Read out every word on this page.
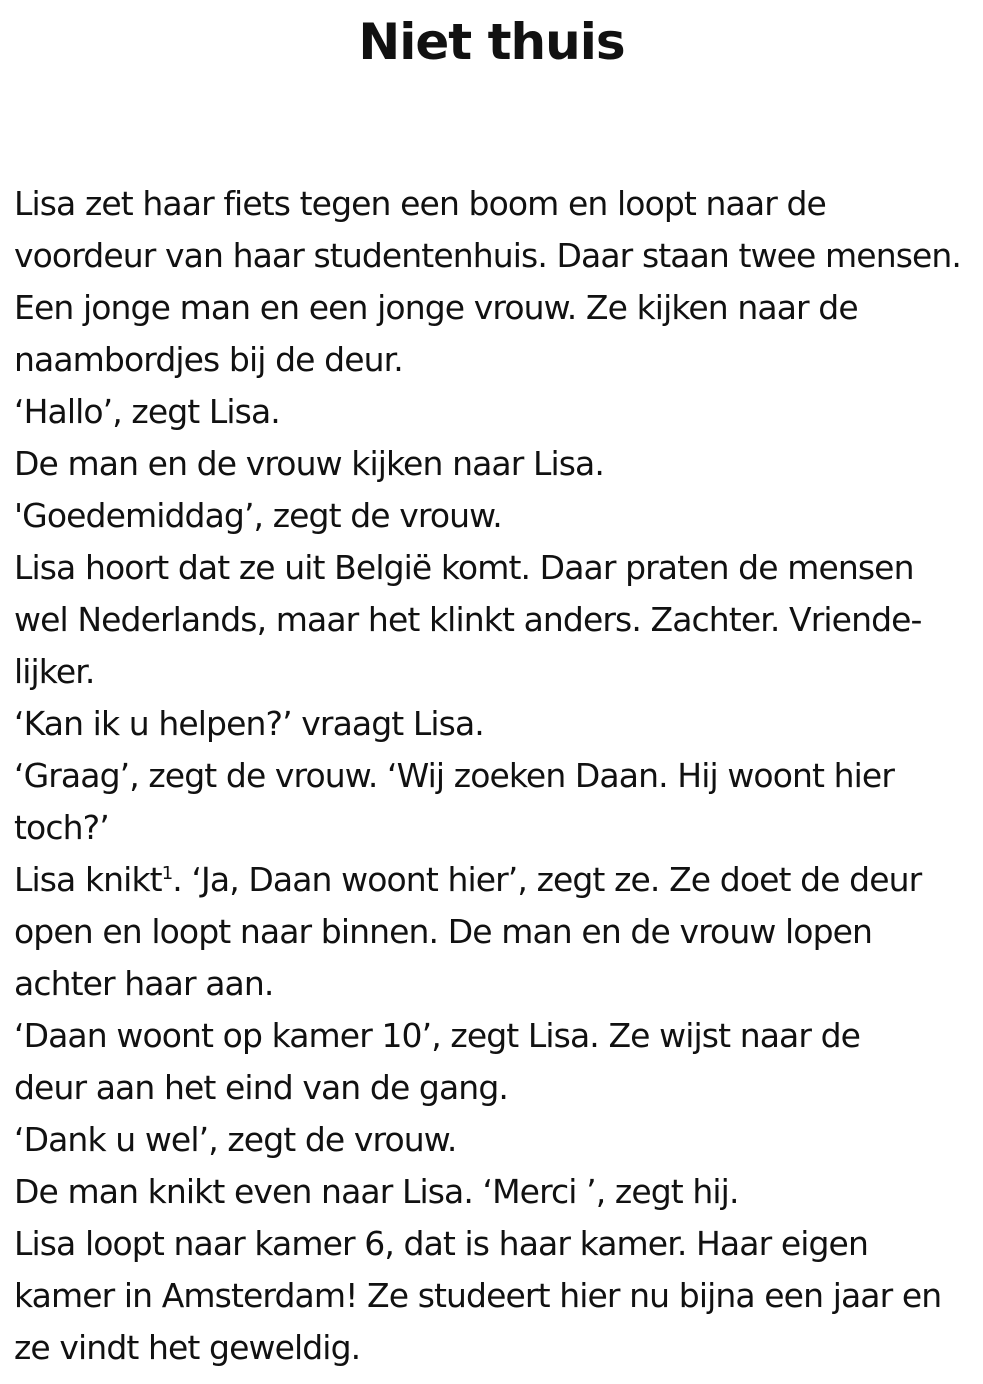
Niet thuis
Lisa zet haar fiets tegen een boom en loopt naar de
voordeur van haar studentenhuis. Daar staan twee mensen.
Een jonge man en een jonge vrouw. Ze kijken naar de
naambordjes bij de deur.
‘Hallo’, zegt Lisa.
De man en de vrouw kijken naar Lisa.
'Goedemiddag’, zegt de vrouw.
Lisa hoort dat ze uit België komt. Daar praten de mensen
wel Nederlands, maar het klinkt anders. Zachter. Vriende-
lijker.
‘Kan ik u helpen?’ vraagt Lisa.
‘Graag’, zegt de vrouw. ‘Wij zoeken Daan. Hij woont hier
toch?’
Lisa knikt$^1$. ‘Ja, Daan woont hier’, zegt ze. Ze doet de deur
open en loopt naar binnen. De man en de vrouw lopen
achter haar aan.
‘Daan woont op kamer 10’, zegt Lisa. Ze wijst naar de
deur aan het eind van de gang.
‘Dank u wel’, zegt de vrouw.
De man knikt even naar Lisa. ‘Merci ’, zegt hij.
Lisa loopt naar kamer 6, dat is haar kamer. Haar eigen
kamer in Amsterdam! Ze studeert hier nu bijna een jaar en
ze vindt het geweldig.
